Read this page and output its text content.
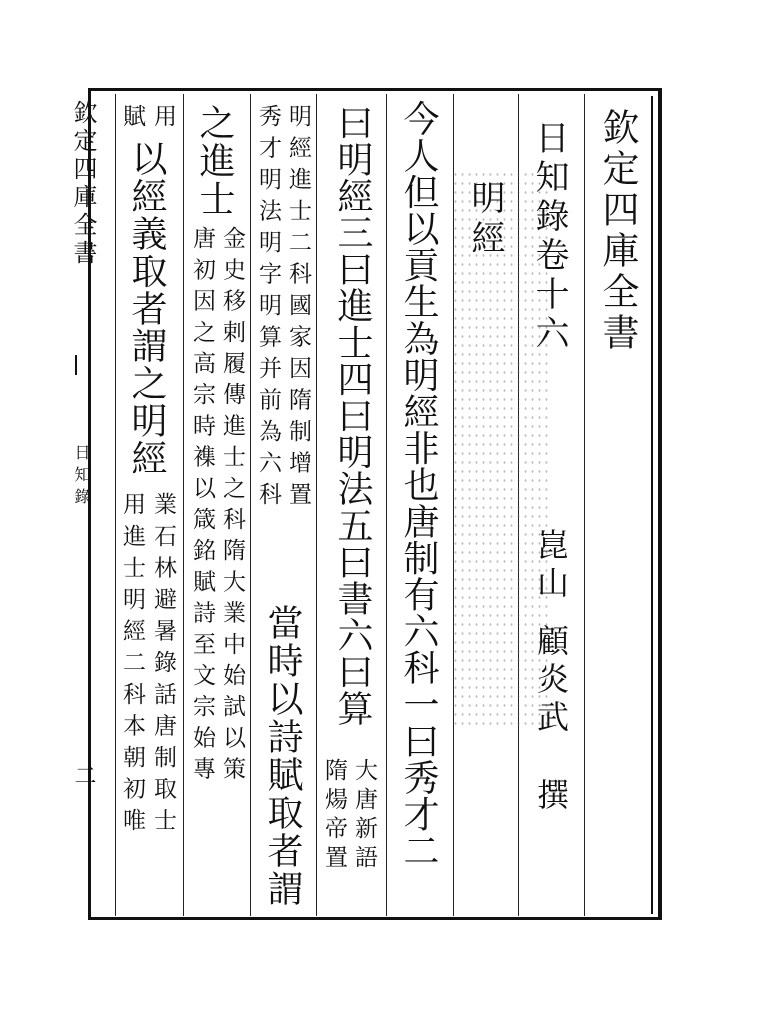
欽定四庫全書
日知錄卷十六
崑山
顧炎武
撰
明經
今人但以貢生為明經非也唐制有六科一曰秀才二
曰明經三曰進士四曰明法五曰書六曰算
大唐新語
隋煬帝置
明經進士二科國家因隋制增置
秀才明法明字明算并前為六科
當時以詩賦取者謂
之進士
金史移剌履傳進士之科隋大業中始試以策
唐初因之高宗時襍以箴銘賦詩至文宗始專
用
賦
以經義取者謂之明經
業石林避暑錄話唐制取士
用進士明經二科本朝初唯
欽定四庫全書
日知錄
二
